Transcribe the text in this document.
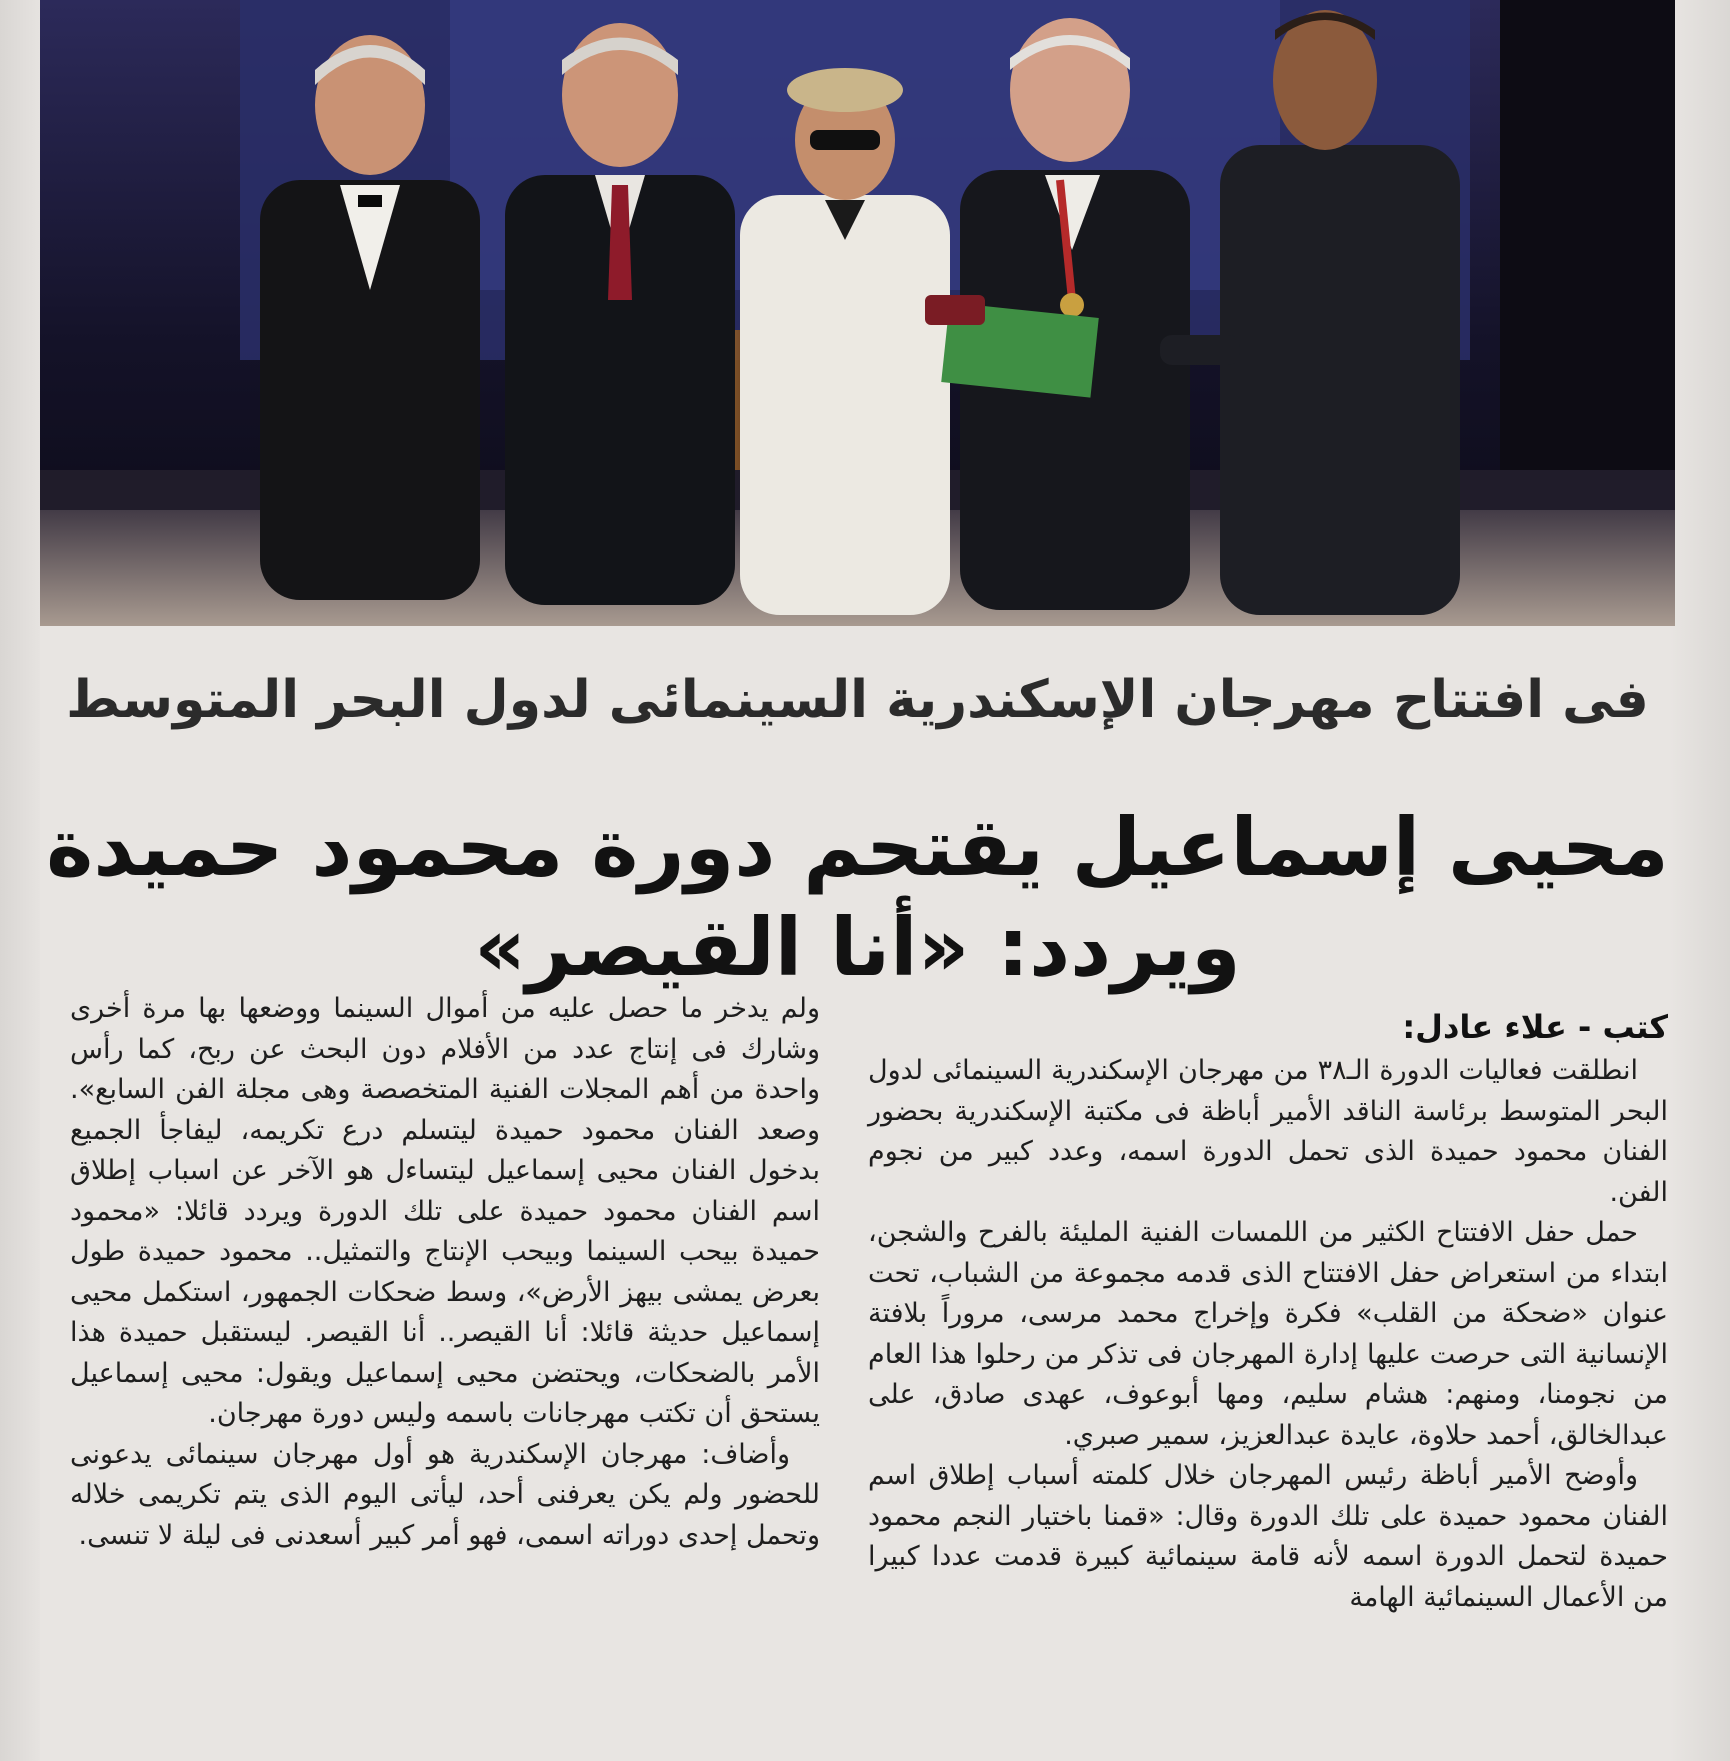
فى افتتاح مهرجان الإسكندرية السينمائى لدول البحر المتوسط
محيى إسماعيل يقتحم دورة محمود حميدة ويردد: «أنا القيصر»
كتب - علاء عادل:

انطلقت فعاليات الدورة الـ٣٨ من مهرجان الإسكندرية السينمائى لدول البحر المتوسط برئاسة الناقد الأمير أباظة فى مكتبة الإسكندرية بحضور الفنان محمود حميدة الذى تحمل الدورة اسمه، وعدد كبير من نجوم الفن.

حمل حفل الافتتاح الكثير من اللمسات الفنية المليئة بالفرح والشجن، ابتداء من استعراض حفل الافتتاح الذى قدمه مجموعة من الشباب، تحت عنوان «ضحكة من القلب» فكرة وإخراج محمد مرسى، مروراً بلافتة الإنسانية التى حرصت عليها إدارة المهرجان فى تذكر من رحلوا هذا العام من نجومنا، ومنهم: هشام سليم، ومها أبوعوف، عهدى صادق، على عبدالخالق، أحمد حلاوة، عايدة عبدالعزيز، سمير صبري.

وأوضح الأمير أباظة رئيس المهرجان خلال كلمته أسباب إطلاق اسم الفنان محمود حميدة على تلك الدورة وقال: «قمنا باختيار النجم محمود حميدة لتحمل الدورة اسمه لأنه قامة سينمائية كبيرة قدمت عددا كبيرا من الأعمال السينمائية الهامة

ولم يدخر ما حصل عليه من أموال السينما ووضعها بها مرة أخرى وشارك فى إنتاج عدد من الأفلام دون البحث عن ربح، كما رأس واحدة من أهم المجلات الفنية المتخصصة وهى مجلة الفن السابع». وصعد الفنان محمود حميدة ليتسلم درع تكريمه، ليفاجأ الجميع بدخول الفنان محيى إسماعيل ليتساءل هو الآخر عن اسباب إطلاق اسم الفنان محمود حميدة على تلك الدورة ويردد قائلا: «محمود حميدة بيحب السينما وبيحب الإنتاج والتمثيل.. محمود حميدة طول بعرض يمشى بيهز الأرض»، وسط ضحكات الجمهور، استكمل محيى إسماعيل حديثة قائلا: أنا القيصر.. أنا القيصر. ليستقبل حميدة هذا الأمر بالضحكات، ويحتضن محيى إسماعيل ويقول: محيى إسماعيل يستحق أن تكتب مهرجانات باسمه وليس دورة مهرجان.

وأضاف: مهرجان الإسكندرية هو أول مهرجان سينمائى يدعونى للحضور ولم يكن يعرفنى أحد، ليأتى اليوم الذى يتم تكريمى خلاله وتحمل إحدى دوراته اسمى، فهو أمر كبير أسعدنى فى ليلة لا تنسى.
